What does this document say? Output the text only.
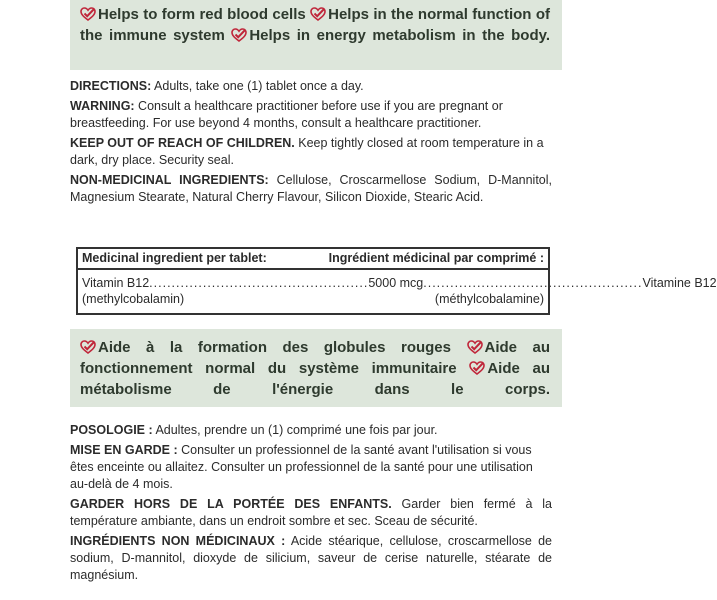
Helps to form red blood cells Helps in the normal function of the immune system Helps in energy metabolism in the body.

DIRECTIONS: Adults, take one (1) tablet once a day.

WARNING: Consult a healthcare practitioner before use if you are pregnant or breastfeeding. For use beyond 4 months, consult a healthcare practitioner.

KEEP OUT OF REACH OF CHILDREN. Keep tightly closed at room temperature in a dark, dry place. Security seal.

NON-MEDICINAL INGREDIENTS: Cellulose, Croscarmellose Sodium, D-Mannitol, Magnesium Stearate, Natural Cherry Flavour, Silicon Dioxide, Stearic Acid.

Medicinal ingredient per tablet:	Ingrédient médicinal par comprimé :
Vitamin B12 ................................................. 5000 mcg ................................................. Vitamine B12
(methylcobalamin)	(méthylcobalamine)
Aide à la formation des globules rouges Aide au fonctionnement normal du système immunitaire Aide au métabolisme de l'énergie dans le corps.

POSOLOGIE : Adultes, prendre un (1) comprimé une fois par jour.

MISE EN GARDE : Consulter un professionnel de la santé avant l'utilisation si vous êtes enceinte ou allaitez. Consulter un professionnel de la santé pour une utilisation au-delà de 4 mois.

GARDER HORS DE LA PORTÉE DES ENFANTS. Garder bien fermé à la température ambiante, dans un endroit sombre et sec. Sceau de sécurité.

INGRÉDIENTS NON MÉDICINAUX : Acide stéarique, cellulose, croscarmellose de sodium, D-mannitol, dioxyde de silicium, saveur de cerise naturelle, stéarate de magnésium.
